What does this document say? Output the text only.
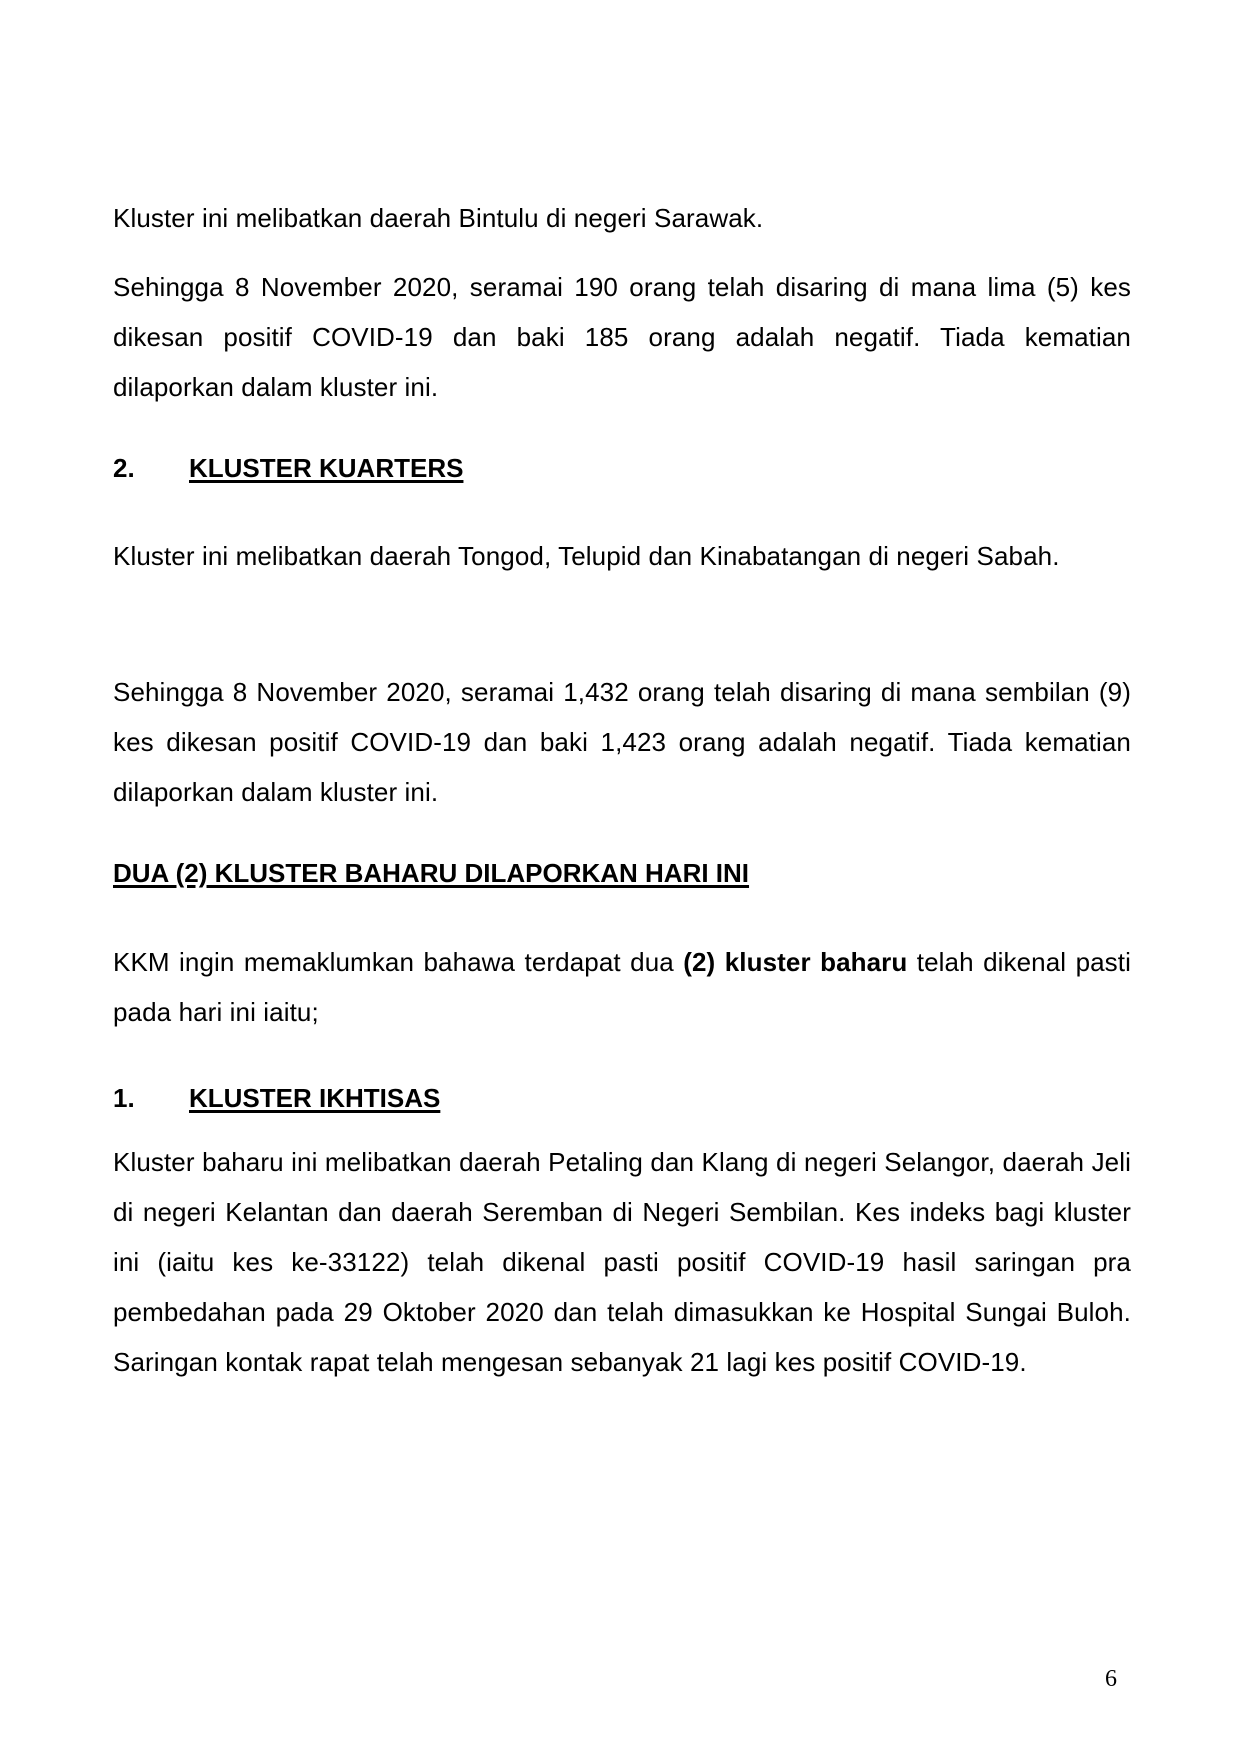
Kluster ini melibatkan daerah Bintulu di negeri Sarawak.
Sehingga 8 November 2020, seramai 190 orang telah disaring di mana lima (5) kes dikesan positif COVID-19 dan baki 185 orang adalah negatif. Tiada kematian dilaporkan dalam kluster ini.
2. KLUSTER KUARTERS
Kluster ini melibatkan daerah Tongod, Telupid dan Kinabatangan di negeri Sabah.
Sehingga 8 November 2020, seramai 1,432 orang telah disaring di mana sembilan (9) kes dikesan positif COVID-19 dan baki 1,423 orang adalah negatif. Tiada kematian dilaporkan dalam kluster ini.
DUA (2) KLUSTER BAHARU DILAPORKAN HARI INI
KKM ingin memaklumkan bahawa terdapat dua (2) kluster baharu telah dikenal pasti pada hari ini iaitu;
1. KLUSTER IKHTISAS
Kluster baharu ini melibatkan daerah Petaling dan Klang di negeri Selangor, daerah Jeli di negeri Kelantan dan daerah Seremban di Negeri Sembilan. Kes indeks bagi kluster ini (iaitu kes ke-33122) telah dikenal pasti positif COVID-19 hasil saringan pra pembedahan pada 29 Oktober 2020 dan telah dimasukkan ke Hospital Sungai Buloh. Saringan kontak rapat telah mengesan sebanyak 21 lagi kes positif COVID-19.
6
